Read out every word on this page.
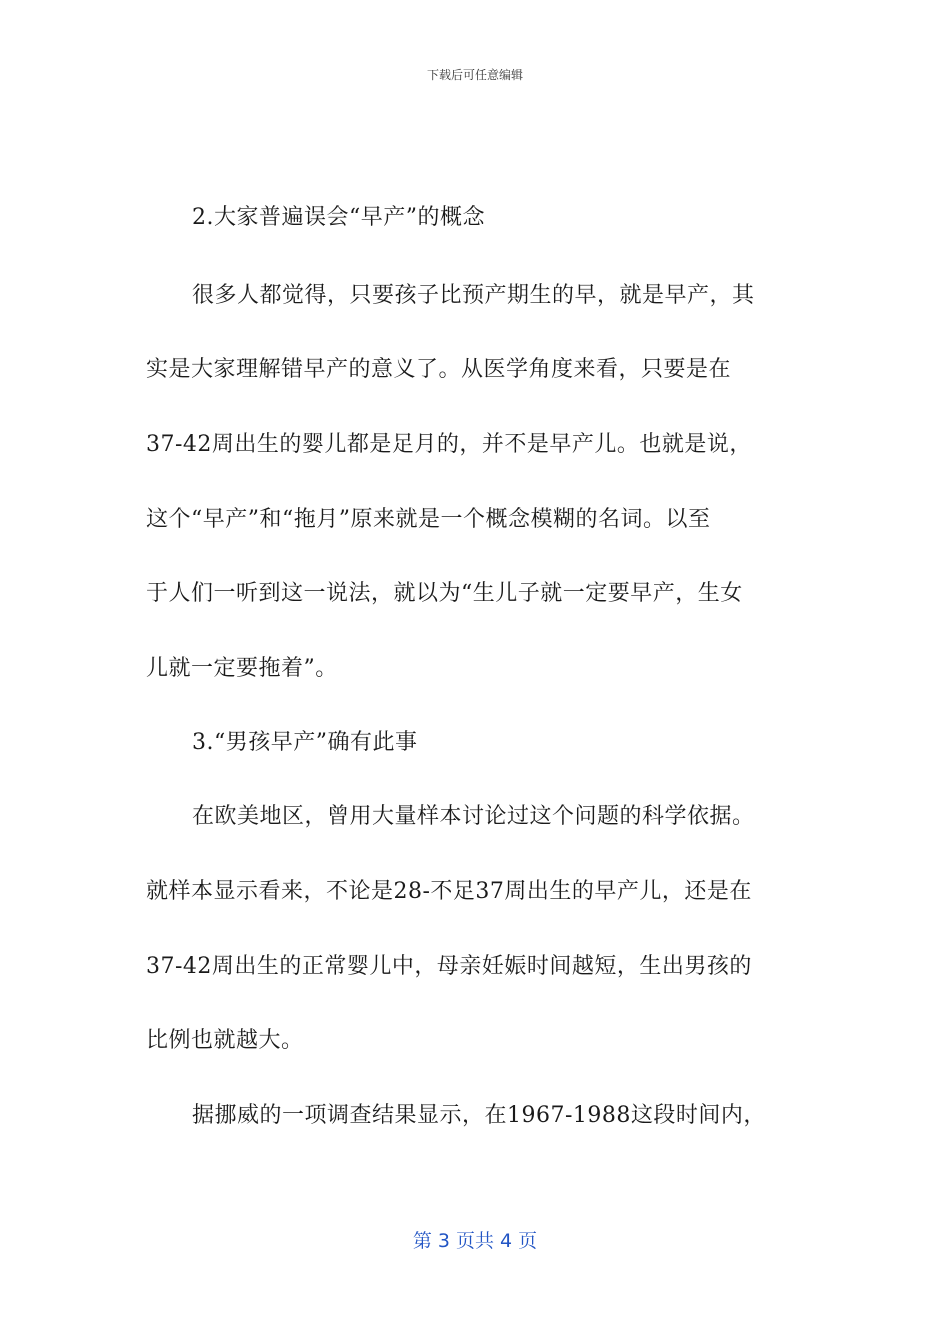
下载后可任意编辑
2.大家普遍误会“早产”的概念
很多人都觉得，只要孩子比预产期生的早，就是早产，其
实是大家理解错早产的意义了。从医学角度来看，只要是在
37-42周出生的婴儿都是足月的，并不是早产儿。也就是说，
这个“早产”和“拖月”原来就是一个概念模糊的名词。以至
于人们一听到这一说法，就以为“生儿子就一定要早产，生女
儿就一定要拖着”。
3.“男孩早产”确有此事
在欧美地区，曾用大量样本讨论过这个问题的科学依据。
就样本显示看来，不论是28-不足37周出生的早产儿，还是在
37-42周出生的正常婴儿中，母亲妊娠时间越短，生出男孩的
比例也就越大。
据挪威的一项调查结果显示，在1967-1988这段时间内，
第 3 页共 4 页
